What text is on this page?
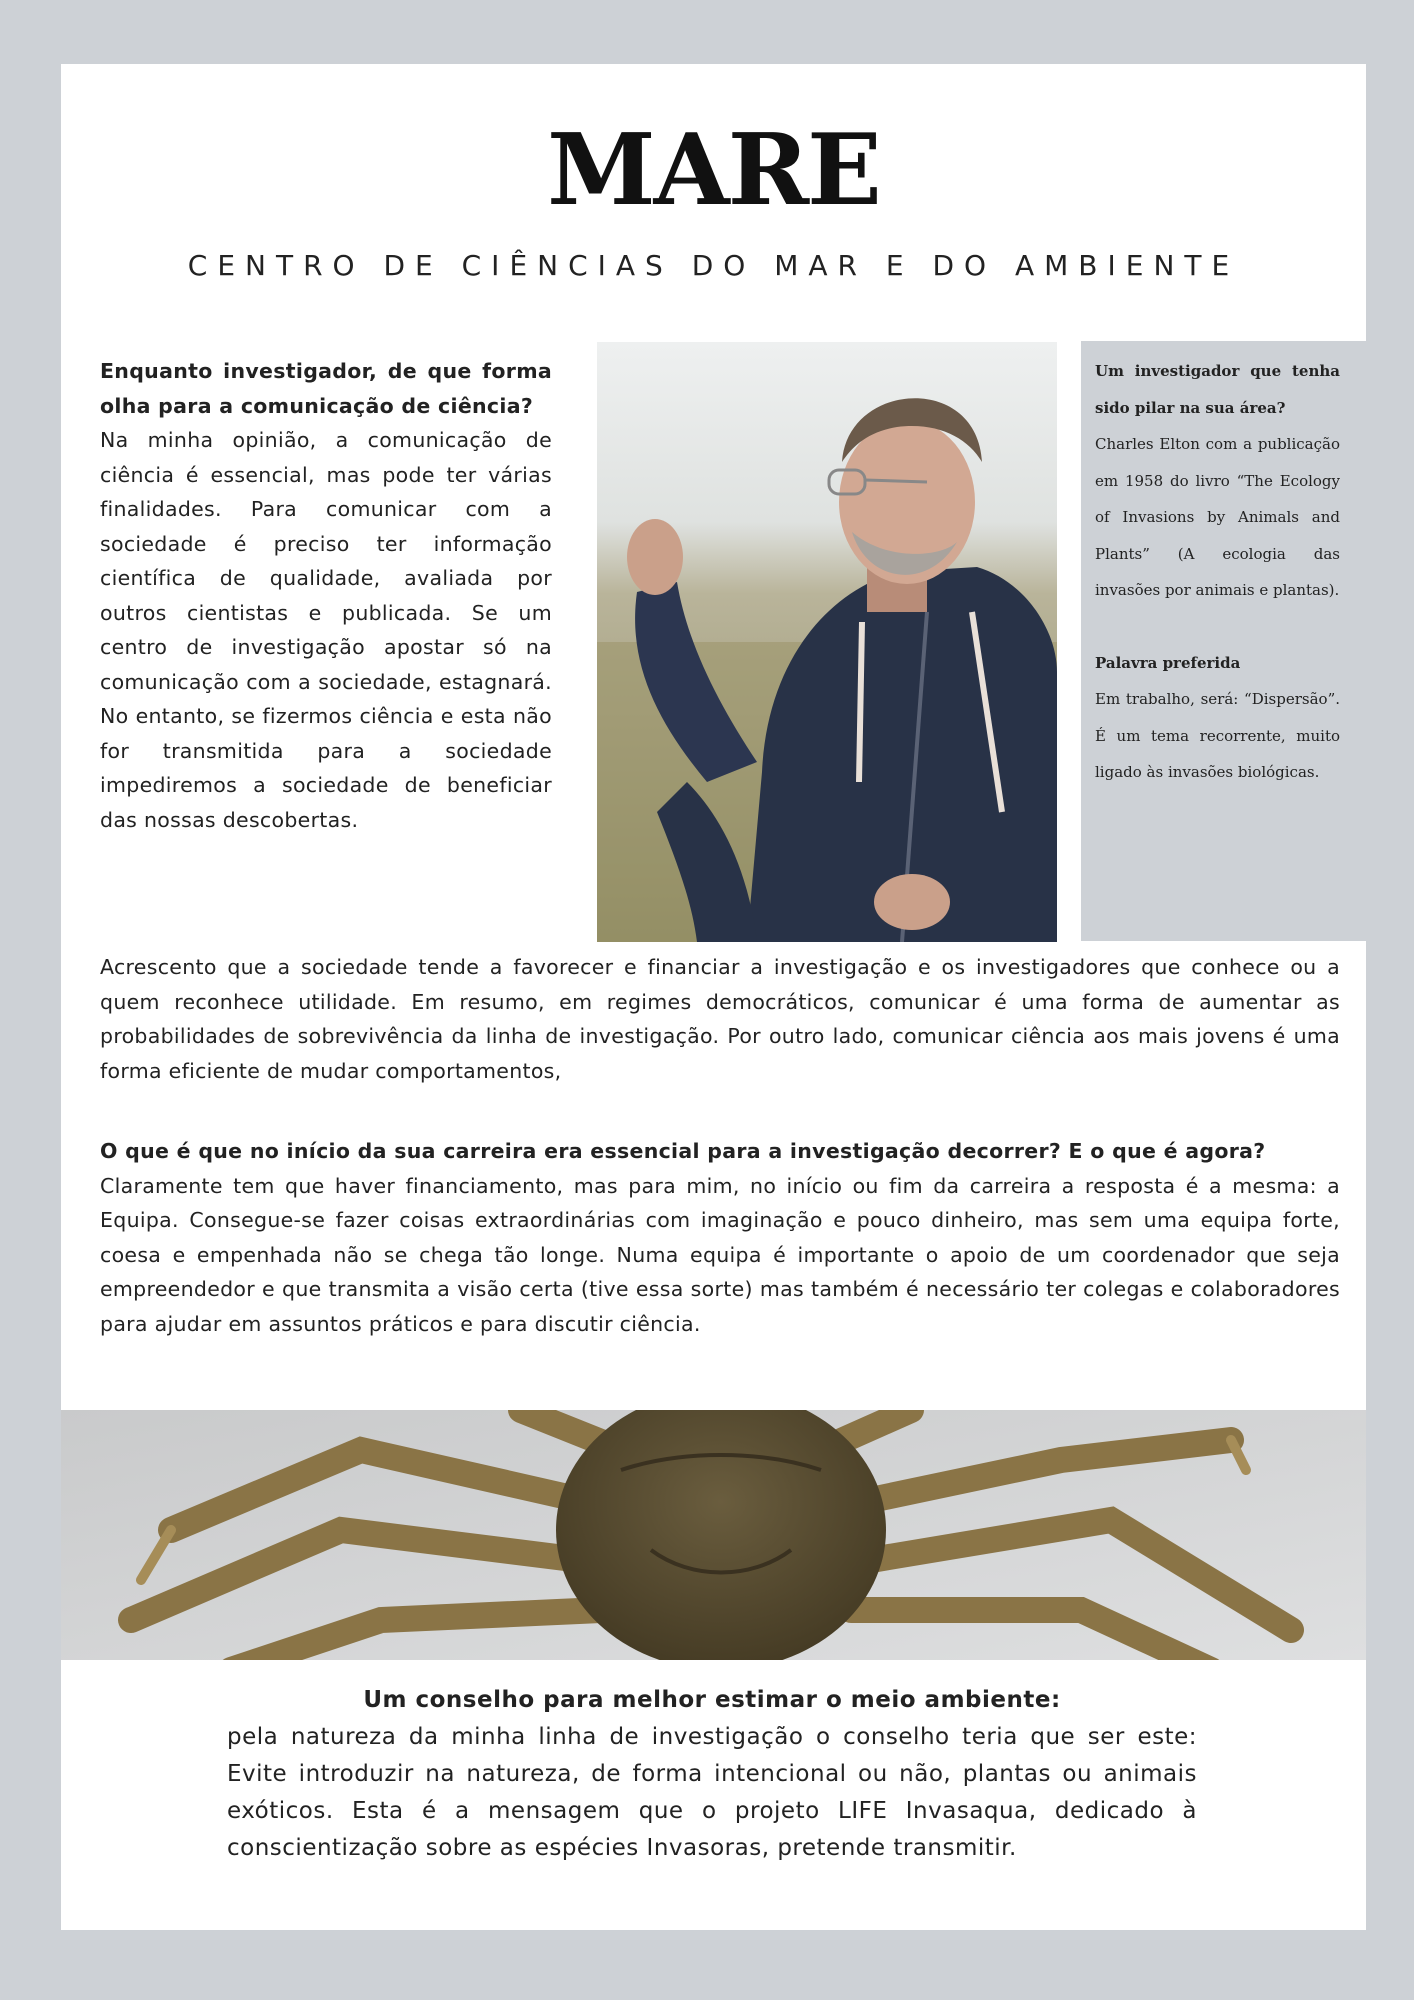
MARE
CENTRO DE CIÊNCIAS DO MAR E DO AMBIENTE
Enquanto investigador, de que forma olha para a comunicação de ciência?
Na minha opinião, a comunicação de ciência é essencial, mas pode ter várias finalidades. Para comunicar com a sociedade é preciso ter informação científica de qualidade, avaliada por outros cientistas e publicada. Se um centro de investigação apostar só na comunicação com a sociedade, estagnará. No entanto, se fizermos ciência e esta não for transmitida para a sociedade impediremos a sociedade de beneficiar das nossas descobertas.
Um investigador que tenha sido pilar na sua área?
Charles Elton com a publicação em 1958 do livro “The Ecology of Invasions by Animals and Plants” (A ecologia das invasões por animais e plantas).
Palavra preferida
Em trabalho, será: “Dispersão”. É um tema recorrente, muito ligado às invasões biológicas.
Acrescento que a sociedade tende a favorecer e financiar a investigação e os investigadores que conhece ou a quem reconhece utilidade. Em resumo, em regimes democráticos, comunicar é uma forma de aumentar as probabilidades de sobrevivência da linha de investigação. Por outro lado, comunicar ciência aos mais jovens é uma forma eficiente de mudar comportamentos,
O que é que no início da sua carreira era essencial para a investigação decorrer? E o que é agora?
Claramente tem que haver financiamento, mas para mim, no início ou fim da carreira a resposta é a mesma: a Equipa. Consegue-se fazer coisas extraordinárias com imaginação e pouco dinheiro, mas sem uma equipa forte, coesa e empenhada não se chega tão longe. Numa equipa é importante o apoio de um coordenador que seja empreendedor e que transmita a visão certa (tive essa sorte) mas também é necessário ter colegas e colaboradores para ajudar em assuntos práticos e para discutir ciência.
Um conselho para melhor estimar o meio ambiente:
pela natureza da minha linha de investigação o conselho teria que ser este: Evite introduzir na natureza, de forma intencional ou não, plantas ou animais exóticos. Esta é a mensagem que o projeto LIFE Invasaqua, dedicado à conscientização sobre as espécies Invasoras, pretende transmitir.
